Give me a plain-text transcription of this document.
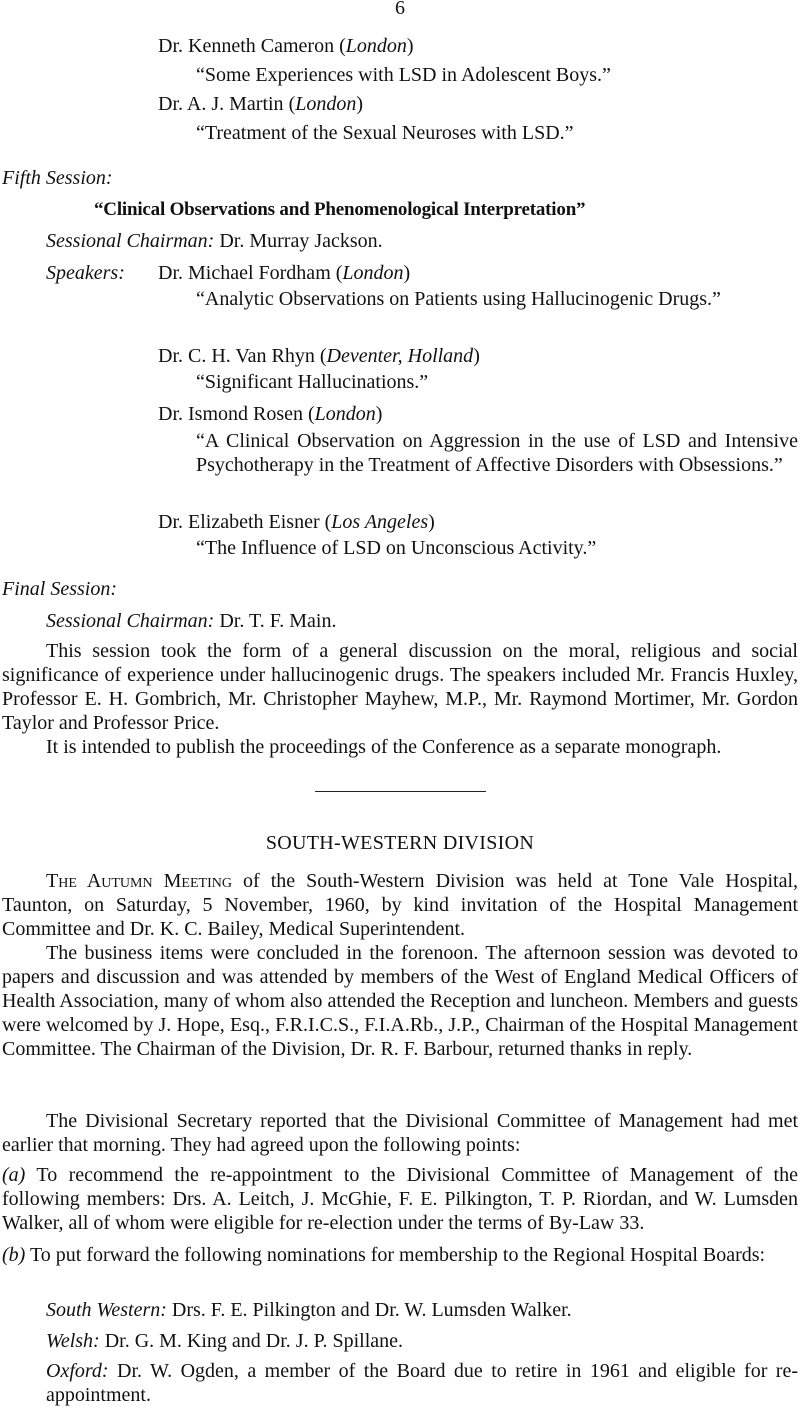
6
Dr. Kenneth Cameron (London)
“Some Experiences with LSD in Adolescent Boys.”
Dr. A. J. Martin (London)
“Treatment of the Sexual Neuroses with LSD.”
Fifth Session:
“Clinical Observations and Phenomenological Interpretation”
Sessional Chairman: Dr. Murray Jackson.
Speakers: Dr. Michael Fordham (London)
“Analytic Observations on Patients using Hallucinogenic Drugs.”
Dr. C. H. Van Rhyn (Deventer, Holland)
“Significant Hallucinations.”
Dr. Ismond Rosen (London)
“A Clinical Observation on Aggression in the use of LSD and Intensive Psychotherapy in the Treatment of Affective Disorders with Obsessions.”
Dr. Elizabeth Eisner (Los Angeles)
“The Influence of LSD on Unconscious Activity.”
Final Session:
Sessional Chairman: Dr. T. F. Main.
This session took the form of a general discussion on the moral, religious and social significance of experience under hallucinogenic drugs. The speakers included Mr. Francis Huxley, Professor E. H. Gombrich, Mr. Christopher Mayhew, M.P., Mr. Raymond Mortimer, Mr. Gordon Taylor and Professor Price.
It is intended to publish the proceedings of the Conference as a separate monograph.
SOUTH-WESTERN DIVISION
The Autumn Meeting of the South-Western Division was held at Tone Vale Hospital, Taunton, on Saturday, 5 November, 1960, by kind invitation of the Hospital Management Committee and Dr. K. C. Bailey, Medical Superintendent.
The business items were concluded in the forenoon. The afternoon session was devoted to papers and discussion and was attended by members of the West of England Medical Officers of Health Association, many of whom also attended the Reception and luncheon. Members and guests were welcomed by J. Hope, Esq., F.R.I.C.S., F.I.A.Rb., J.P., Chairman of the Hospital Management Committee. The Chairman of the Division, Dr. R. F. Barbour, returned thanks in reply.
The Divisional Secretary reported that the Divisional Committee of Management had met earlier that morning. They had agreed upon the following points:
(a) To recommend the re-appointment to the Divisional Committee of Management of the following members: Drs. A. Leitch, J. McGhie, F. E. Pilkington, T. P. Riordan, and W. Lumsden Walker, all of whom were eligible for re-election under the terms of By-Law 33.
(b) To put forward the following nominations for membership to the Regional Hospital Boards:
South Western: Drs. F. E. Pilkington and Dr. W. Lumsden Walker.
Welsh: Dr. G. M. King and Dr. J. P. Spillane.
Oxford: Dr. W. Ogden, a member of the Board due to retire in 1961 and eligible for re-appointment.
